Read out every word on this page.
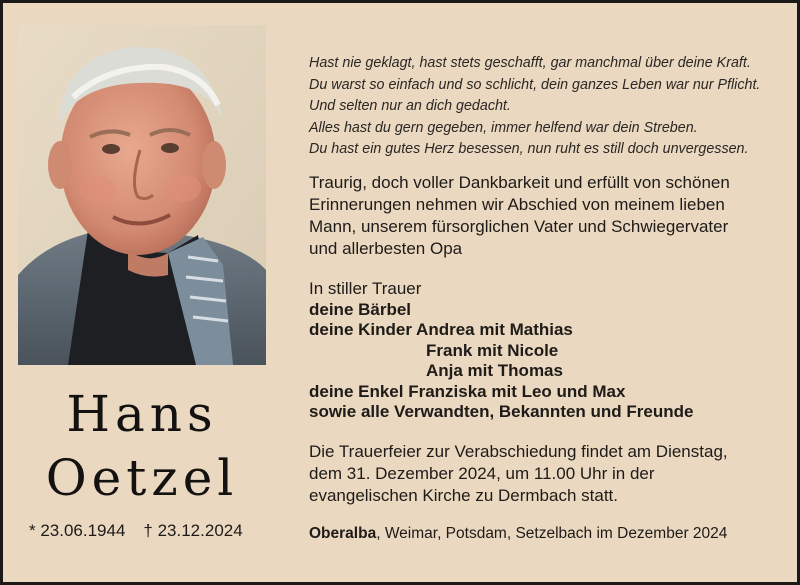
Hans
Oetzel
* 23.06.1944 † 23.12.2024
Hast nie geklagt, hast stets geschafft, gar manchmal über deine Kraft.
Du warst so einfach und so schlicht, dein ganzes Leben war nur Pflicht.
Und selten nur an dich gedacht.
Alles hast du gern gegeben, immer helfend war dein Streben.
Du hast ein gutes Herz besessen, nun ruht es still doch unvergessen.
Traurig, doch voller Dankbarkeit und erfüllt von schönen
Erinnerungen nehmen wir Abschied von meinem lieben
Mann, unserem fürsorglichen Vater und Schwiegervater
und allerbesten Opa
In stiller Trauer
deine Bärbel
deine Kinder Andrea mit Mathias
Frank mit Nicole
Anja mit Thomas
deine Enkel Franziska mit Leo und Max
sowie alle Verwandten, Bekannten und Freunde
Die Trauerfeier zur Verabschiedung findet am Dienstag,
dem 31. Dezember 2024, um 11.00 Uhr in der
evangelischen Kirche zu Dermbach statt.
Oberalba, Weimar, Potsdam, Setzelbach im Dezember 2024
